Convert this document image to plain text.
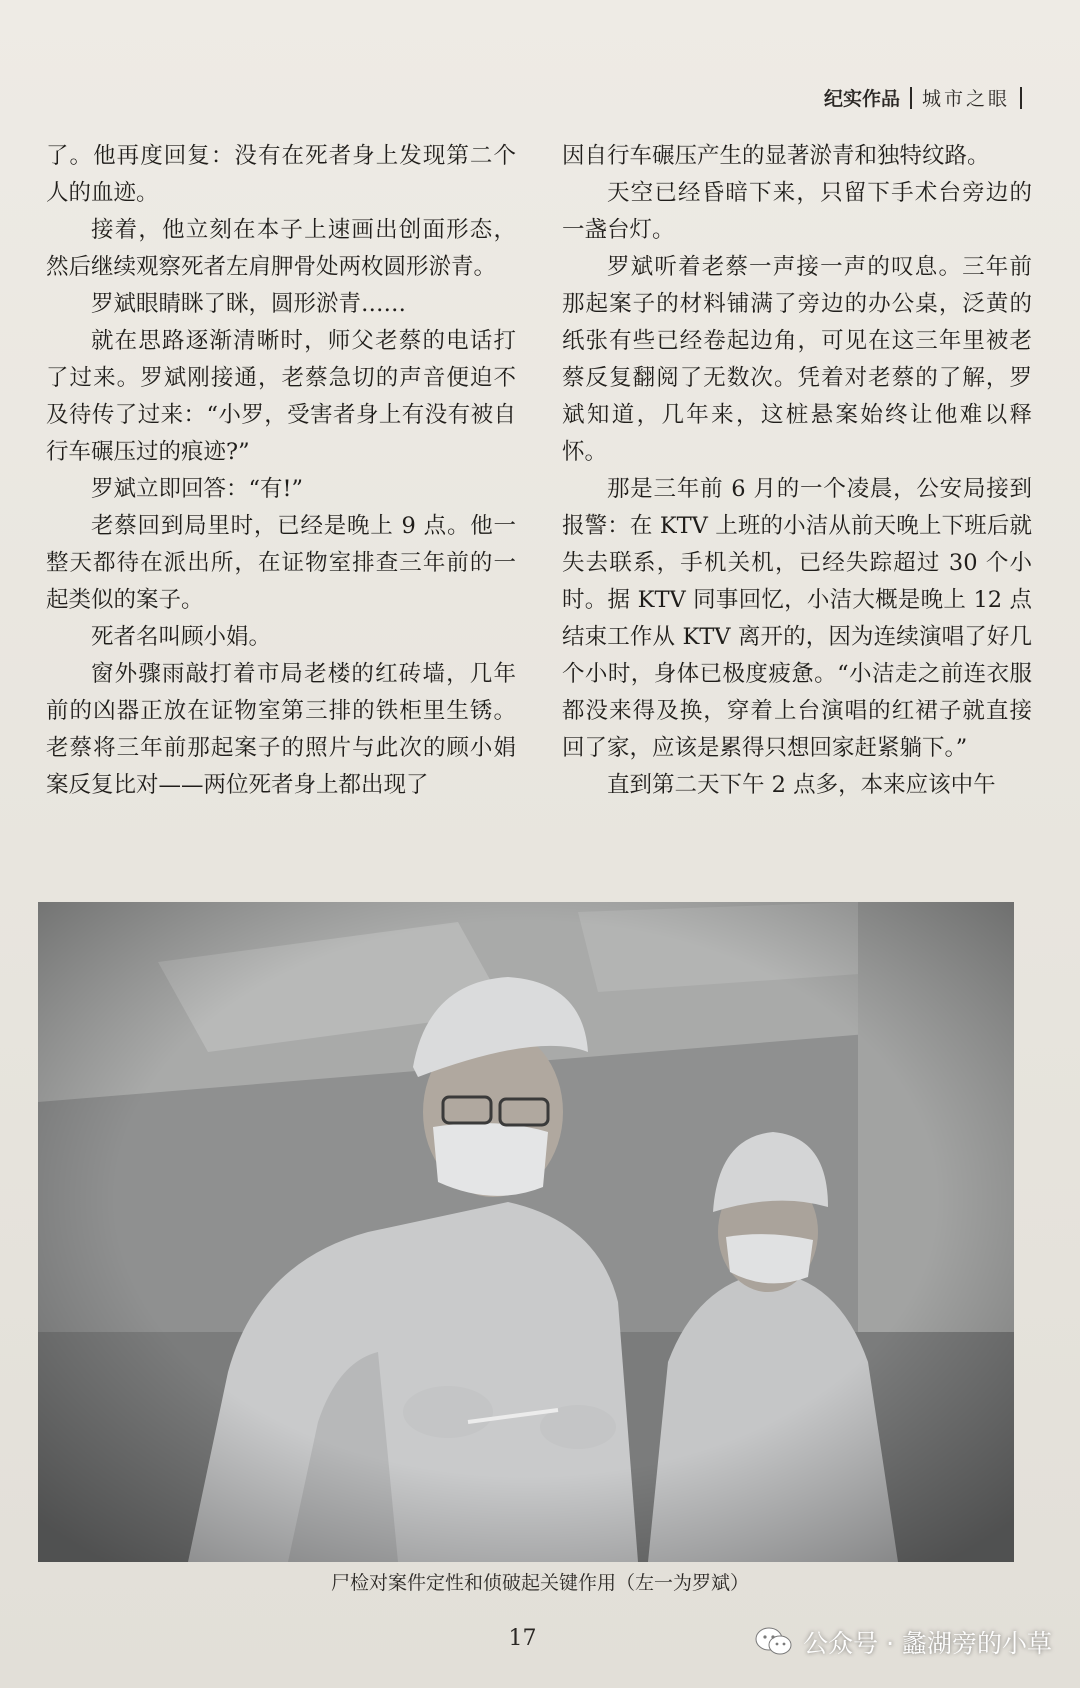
纪实作品 城市之眼

了。他再度回复：没有在死者身上发现第二个人的血迹。

接着，他立刻在本子上速画出创面形态，然后继续观察死者左肩胛骨处两枚圆形淤青。

罗斌眼睛眯了眯，圆形淤青……

就在思路逐渐清晰时，师父老蔡的电话打了过来。罗斌刚接通，老蔡急切的声音便迫不及待传了过来：“小罗，受害者身上有没有被自行车碾压过的痕迹?”

罗斌立即回答：“有!”

老蔡回到局里时，已经是晚上 9 点。他一整天都待在派出所，在证物室排查三年前的一起类似的案子。

死者名叫顾小娟。

窗外骤雨敲打着市局老楼的红砖墙，几年前的凶器正放在证物室第三排的铁柜里生锈。老蔡将三年前那起案子的照片与此次的顾小娟案反复比对——两位死者身上都出现了

因自行车碾压产生的显著淤青和独特纹路。

天空已经昏暗下来，只留下手术台旁边的一盏台灯。

罗斌听着老蔡一声接一声的叹息。三年前那起案子的材料铺满了旁边的办公桌，泛黄的纸张有些已经卷起边角，可见在这三年里被老蔡反复翻阅了无数次。凭着对老蔡的了解，罗斌知道，几年来，这桩悬案始终让他难以释怀。

那是三年前 6 月的一个凌晨，公安局接到报警：在 KTV 上班的小洁从前天晚上下班后就失去联系，手机关机，已经失踪超过 30 个小时。据 KTV 同事回忆，小洁大概是晚上 12 点结束工作从 KTV 离开的，因为连续演唱了好几个小时，身体已极度疲惫。“小洁走之前连衣服都没来得及换，穿着上台演唱的红裙子就直接回了家，应该是累得只想回家赶紧躺下。”

直到第二天下午 2 点多，本来应该中午

尸检对案件定性和侦破起关键作用（左一为罗斌）
17	公众号 · 蠡湖旁的小草
